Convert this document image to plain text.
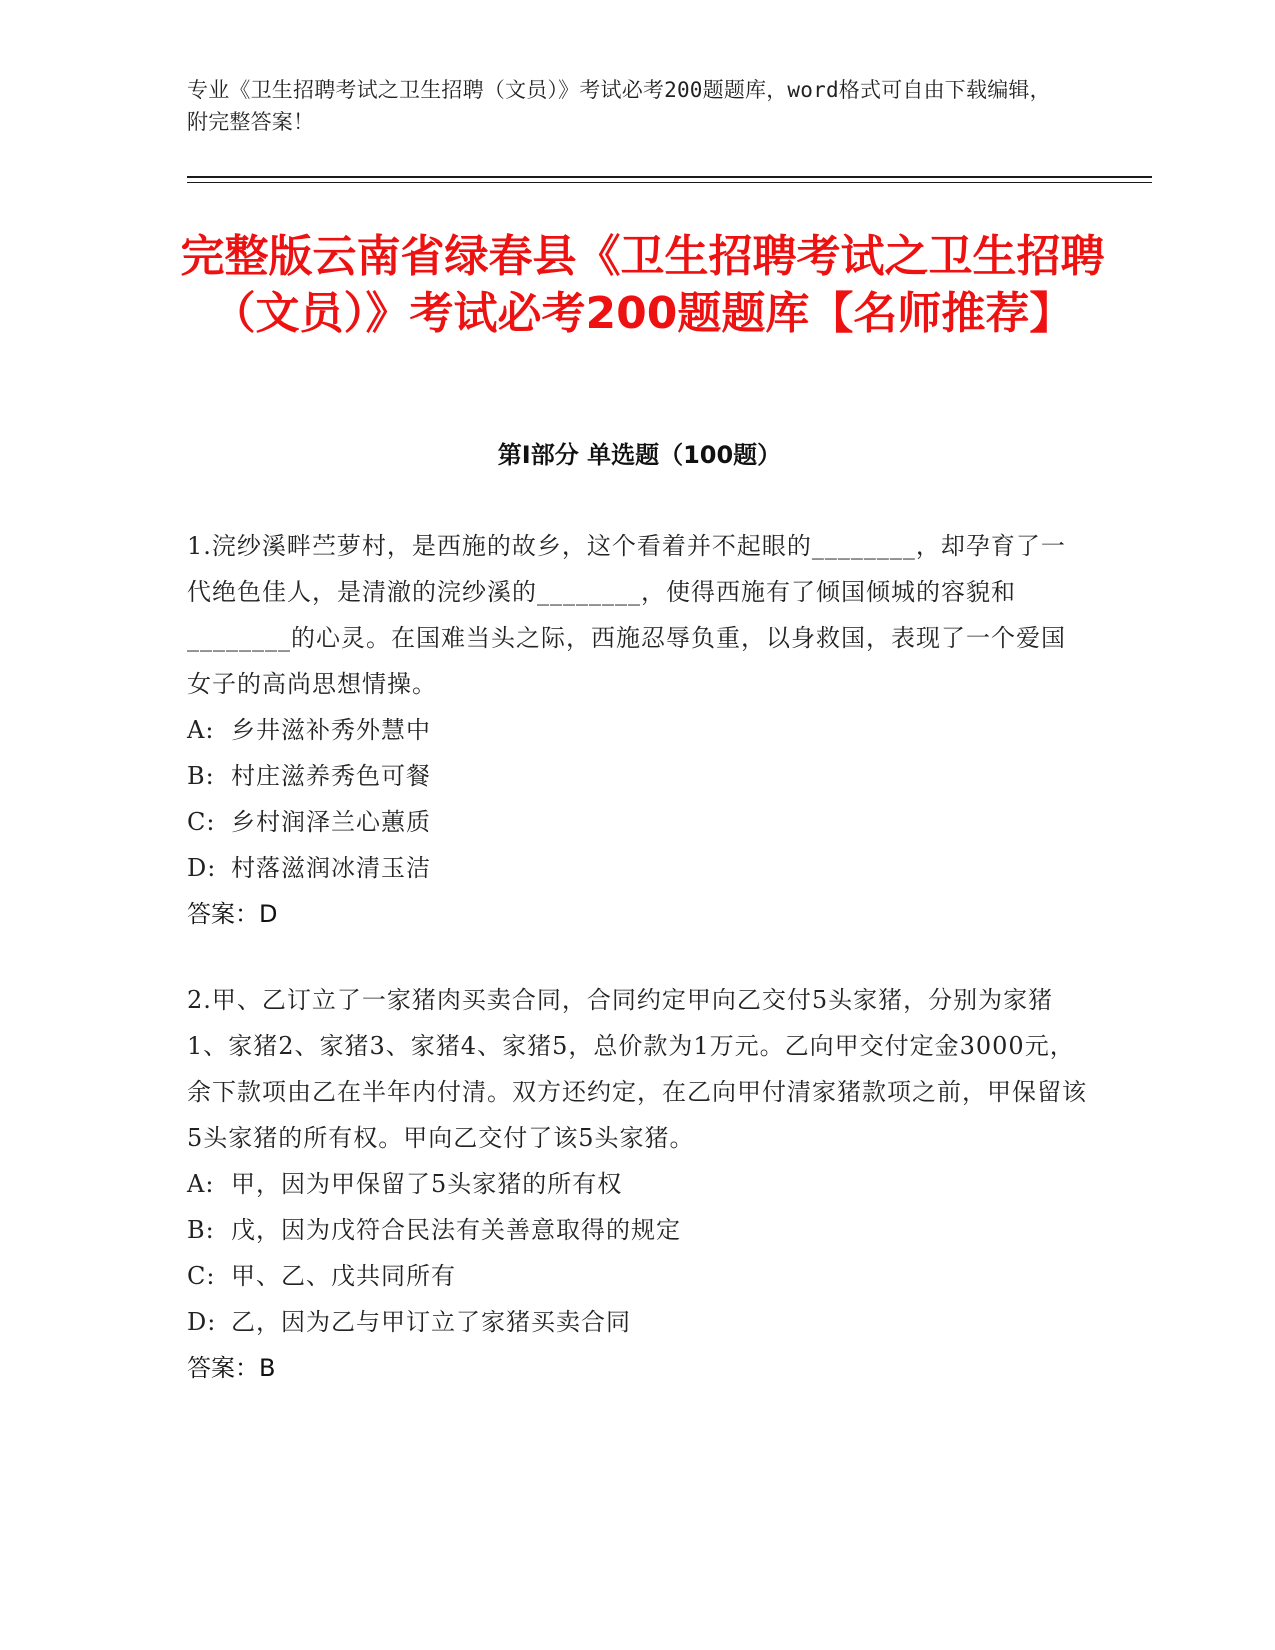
专业《卫生招聘考试之卫生招聘（文员）》考试必考200题题库，word格式可自由下载编辑，附完整答案！
完整版云南省绿春县《卫生招聘考试之卫生招聘（文员）》考试必考200题题库【名师推荐】
第Ⅰ部分 单选题（100题）
1.浣纱溪畔苎萝村，是西施的故乡，这个看着并不起眼的________，却孕育了一代绝色佳人，是清澈的浣纱溪的________，使得西施有了倾国倾城的容貌和________的心灵。在国难当头之际，西施忍辱负重，以身救国，表现了一个爱国女子的高尚思想情操。
A: 乡井滋补秀外慧中
B: 村庄滋养秀色可餐
C: 乡村润泽兰心蕙质
D: 村落滋润冰清玉洁
答案：D
2.甲、乙订立了一家猪肉买卖合同，合同约定甲向乙交付5头家猪，分别为家猪1、家猪2、家猪3、家猪4、家猪5，总价款为1万元。乙向甲交付定金3000元，余下款项由乙在半年内付清。双方还约定，在乙向甲付清家猪款项之前，甲保留该5头家猪的所有权。甲向乙交付了该5头家猪。
A: 甲，因为甲保留了5头家猪的所有权
B: 戊，因为戊符合民法有关善意取得的规定
C: 甲、乙、戊共同所有
D: 乙，因为乙与甲订立了家猪买卖合同
答案：B
